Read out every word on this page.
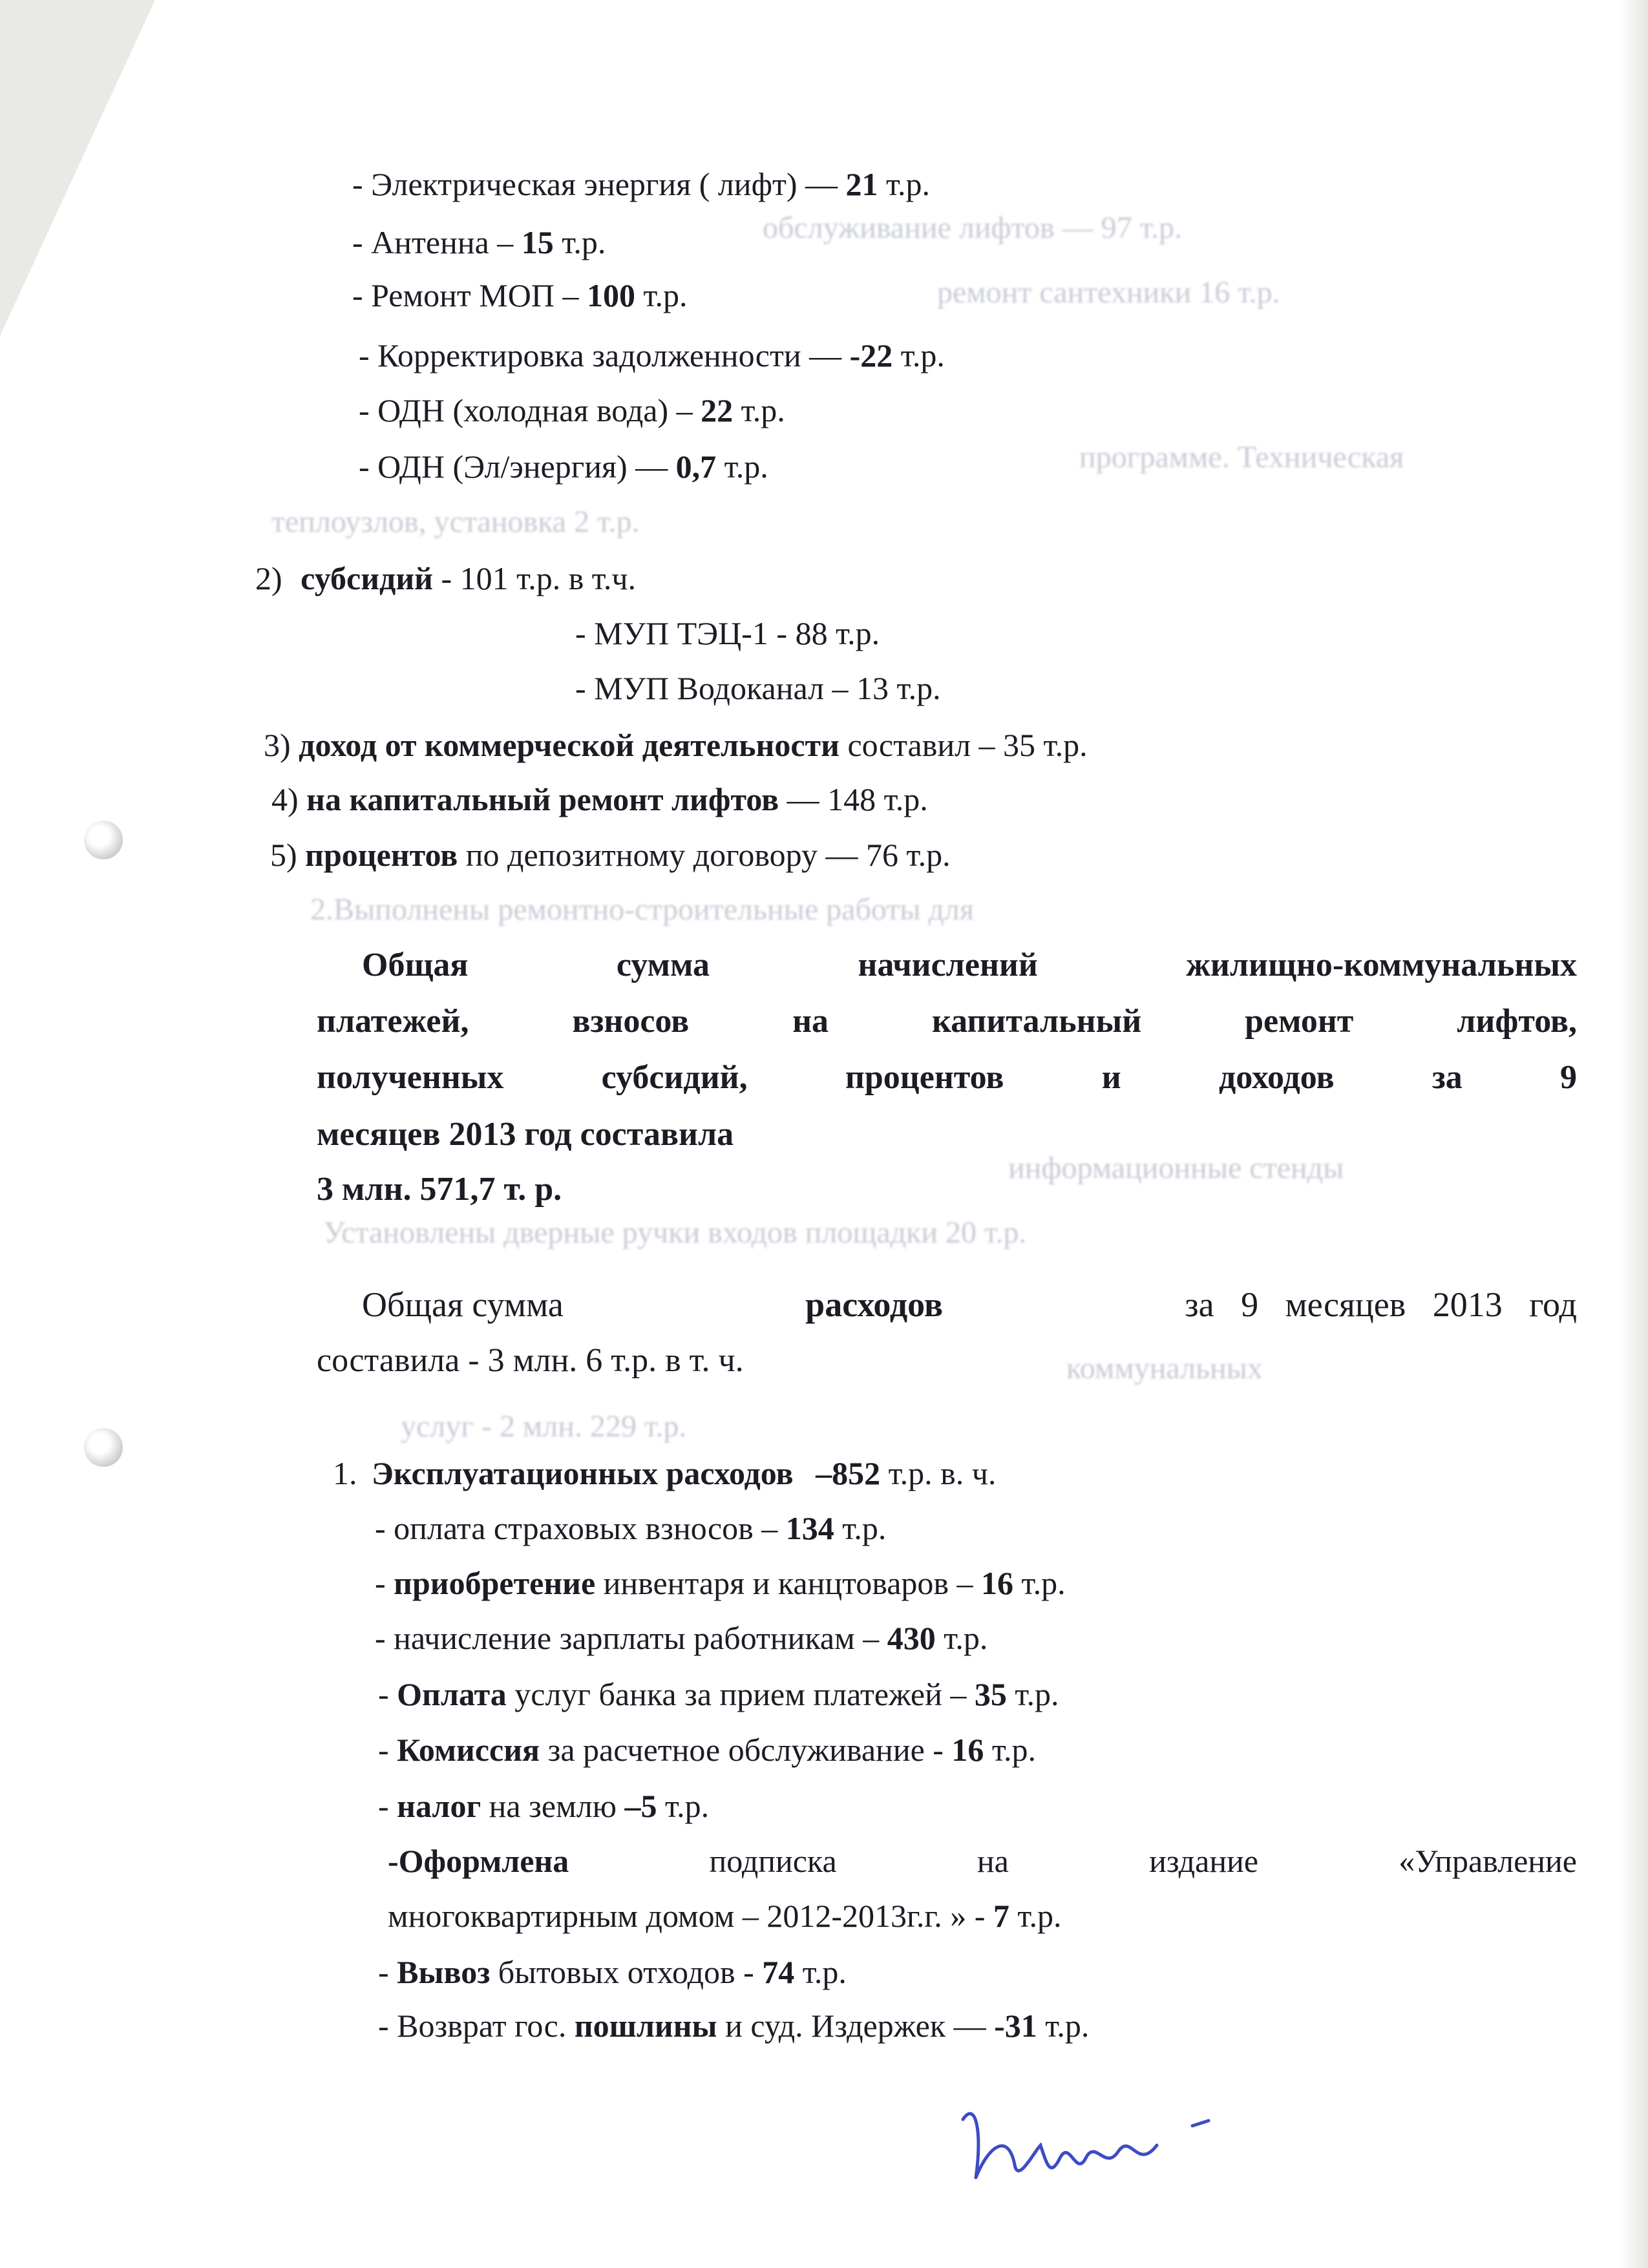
обслуживание лифтов — 97 т.р.
ремонт сантехники 16 т.р.
программе. Техническая
теплоузлов, установка 2 т.р.
2.Выполнены ремонтно-строительные работы для
информационные стенды
Установлены дверные ручки входов площадки 20 т.р.
коммунальных
услуг - 2 млн. 229 т.р.
- Электрическая энергия ( лифт) — 21 т.р.
- Антенна – 15 т.р.
- Ремонт МОП – 100 т.р.
- Корректировка задолженности — -22 т.р.
- ОДН (холодная вода) – 22 т.р.
- ОДН (Эл/энергия) — 0,7 т.р.
2) субсидий - 101 т.р. в т.ч.
- МУП ТЭЦ-1 - 88 т.р.
- МУП Водоканал – 13 т.р.
3) доход от коммерческой деятельности составил – 35 т.р.
4) на капитальный ремонт лифтов — 148 т.р.
5) процентов по депозитному договору — 76 т.р.
Общая	сумма	начислений	жилищно-коммунальных
платежей,	взносов	на	капитальный	ремонт	лифтов,
полученных	субсидий,	процентов	и	доходов	за	9
месяцев 2013 год составила
3 млн. 571,7 т. р.
Общая сумма	расходов	за 9 месяцев 2013 год
составила - 3 млн. 6 т.р. в т. ч.
1. Эксплуатационных расходов –852 т.р. в. ч.
- оплата страховых взносов – 134 т.р.
- приобретение инвентаря и канцтоваров – 16 т.р.
- начисление зарплаты работникам – 430 т.р.
- Оплата услуг банка за прием платежей – 35 т.р.
- Комиссия за расчетное обслуживание - 16 т.р.
- налог на землю –5 т.р.
-Оформлена	подписка	на	издание	«Управление
многоквартирным домом – 2012-2013г.г. » - 7 т.р.
- Вывоз бытовых отходов - 74 т.р.
- Возврат гос. пошлины и суд. Издержек — -31 т.р.
